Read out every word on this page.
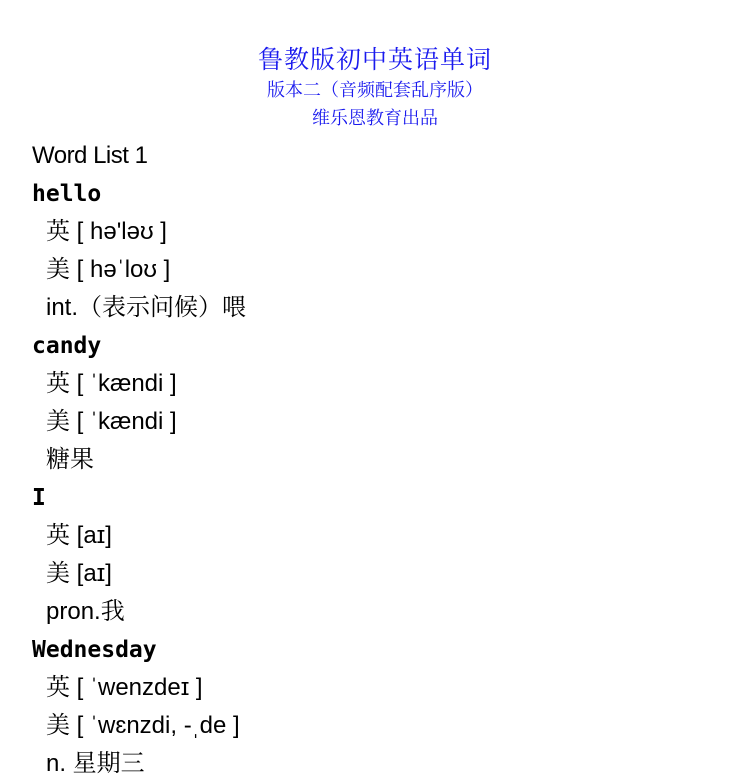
鲁教版初中英语单词
版本二（音频配套乱序版）
维乐恩教育出品
Word List 1
hello
英 [ hə'ləʊ ]
美 [ həˈloʊ ]
int.（表示问候）喂
candy
英 [ ˈkændi ]
美 [ ˈkændi ]
糖果
I
英 [aɪ]
美 [aɪ]
pron.我
Wednesday
英 [ ˈwenzdeɪ ]
美 [ ˈwɛnzdi, -ˌde ]
n. 星期三
